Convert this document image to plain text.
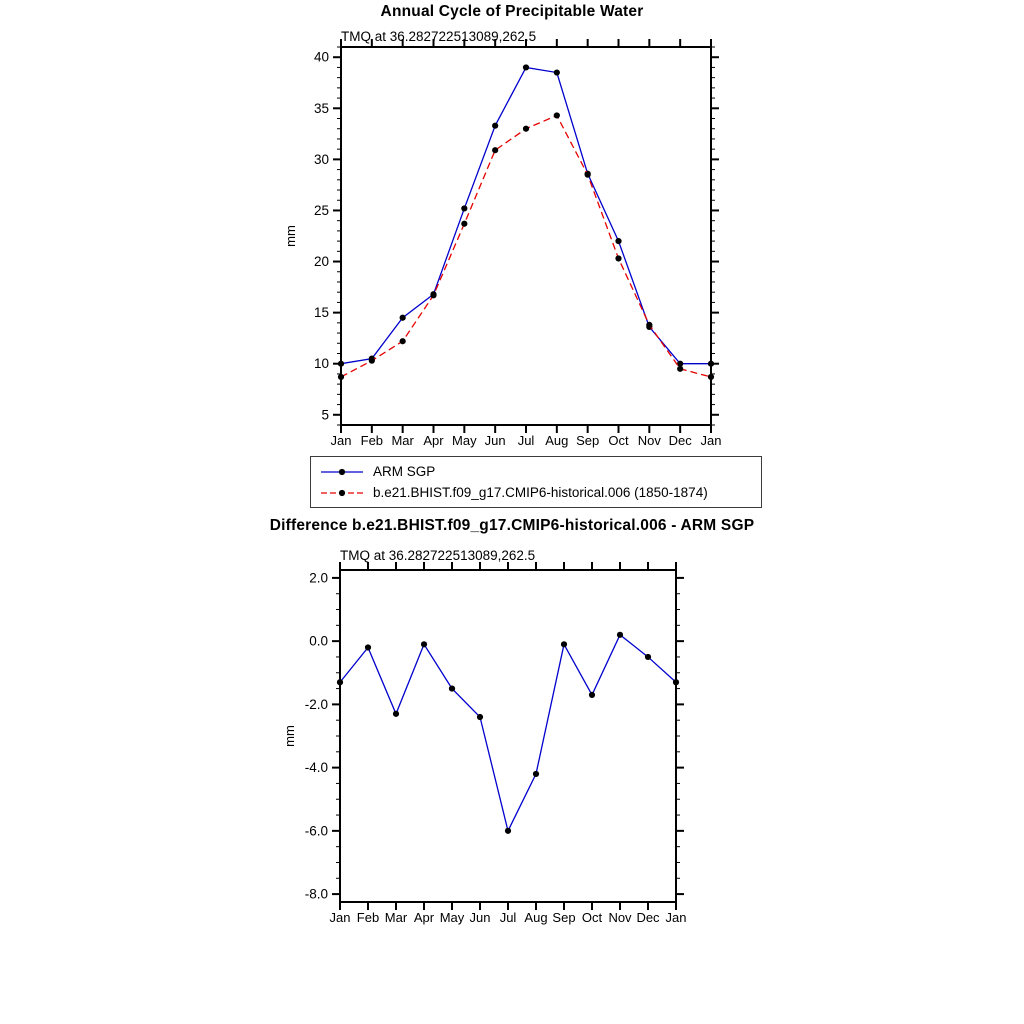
Annual Cycle of Precipitable Water
TMQ at 36.282722513089,262.5
5
10
15
20
25
30
35
40
Jan Feb Mar Apr May Jun Jul Aug Sep Oct Nov Dec Jan
mm
ARM SGP
b.e21.BHIST.f09_g17.CMIP6-historical.006 (1850-1874)
Difference b.e21.BHIST.f09_g17.CMIP6-historical.006 - ARM SGP
TMQ at 36.282722513089,262.5
-8.0
-6.0
-4.0
-2.0
0.0
2.0
Jan Feb Mar Apr May Jun Jul Aug Sep Oct Nov Dec Jan
mm
